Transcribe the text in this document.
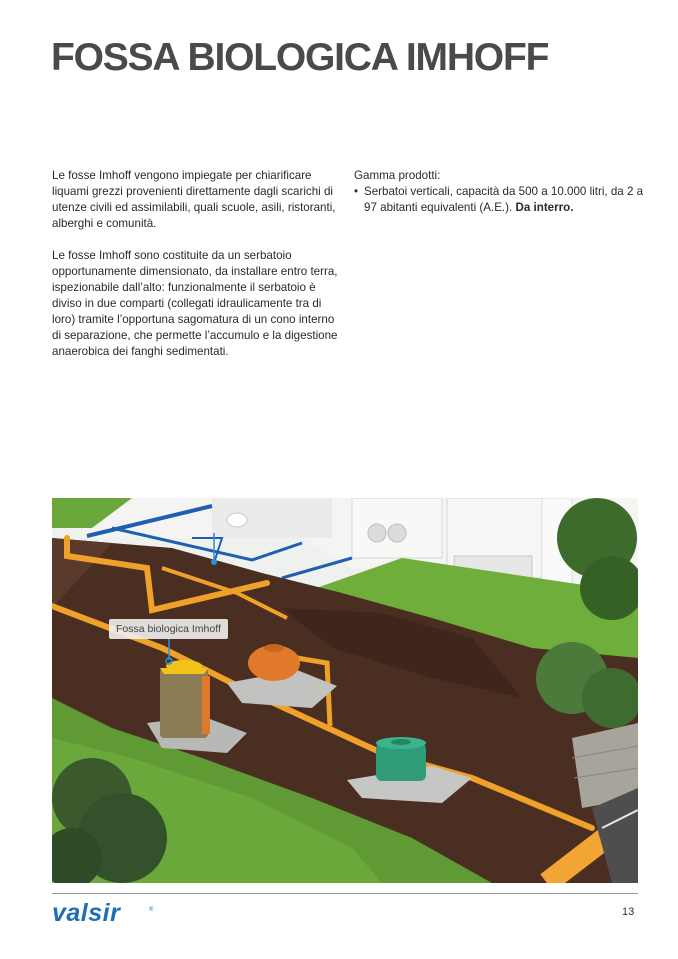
FOSSA BIOLOGICA IMHOFF

Le fosse Imhoff vengono impiegate per chiarificare liquami grezzi provenienti direttamente dagli scarichi di utenze civili ed assimilabili, quali scuole, asili, ristoranti, alberghi e comunità.

Le fosse Imhoff sono costituite da un serbatoio opportunamente dimensionato, da installare entro terra, ispezionabile dall’alto: funzionalmente il serbatoio è diviso in due comparti (collegati idraulicamente tra di loro) tramite l’opportuna sagomatura di un cono interno di separazione, che permette l’accumulo e la digestione anaerobica dei fanghi sedimentati.

Gamma prodotti:
• Serbatoi verticali, capacità da 500 a 10.000 litri, da 2 a 97 abitanti equivalenti (A.E.). Da interro.
Fossa biologica Imhoff
valsir	®	13
